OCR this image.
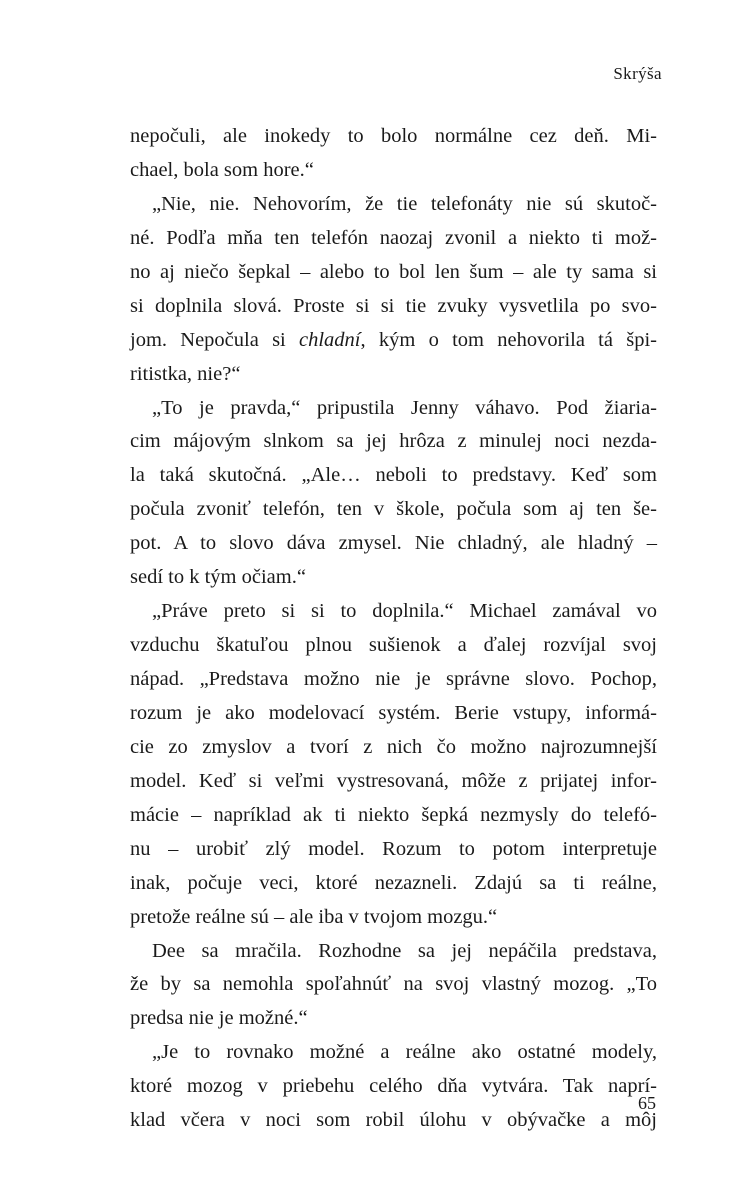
Skrýša
nepočuli, ale inokedy to bolo normálne cez deň. Mi-
chael, bola som hore.“
„Nie, nie. Nehovorím, že tie telefonáty nie sú skutoč-
né. Podľa mňa ten telefón naozaj zvonil a niekto ti mož-
no aj niečo šepkal – alebo to bol len šum – ale ty sama si
si doplnila slová. Proste si si tie zvuky vysvetlila po svo-
jom. Nepočula si chladní, kým o tom nehovorila tá špi-
ritistka, nie?“
„To je pravda,“ pripustila Jenny váhavo. Pod žiaria-
cim májovým slnkom sa jej hrôza z minulej noci nezda-
la taká skutočná. „Ale… neboli to predstavy. Keď som
počula zvoniť telefón, ten v škole, počula som aj ten še-
pot. A to slovo dáva zmysel. Nie chladný, ale hladný –
sedí to k tým očiam.“
„Práve preto si si to doplnila.“ Michael zamával vo
vzduchu škatuľou plnou sušienok a ďalej rozvíjal svoj
nápad. „Predstava možno nie je správne slovo. Pochop,
rozum je ako modelovací systém. Berie vstupy, informá-
cie zo zmyslov a tvorí z nich čo možno najrozumnejší
model. Keď si veľmi vystresovaná, môže z prijatej infor-
mácie – napríklad ak ti niekto šepká nezmysly do telefó-
nu – urobiť zlý model. Rozum to potom interpretuje
inak, počuje veci, ktoré nezazneli. Zdajú sa ti reálne,
pretože reálne sú – ale iba v tvojom mozgu.“
Dee sa mračila. Rozhodne sa jej nepáčila predstava,
že by sa nemohla spoľahnúť na svoj vlastný mozog. „To
predsa nie je možné.“
„Je to rovnako možné a reálne ako ostatné modely,
ktoré mozog v priebehu celého dňa vytvára. Tak naprí-
klad včera v noci som robil úlohu v obývačke a môj
65
